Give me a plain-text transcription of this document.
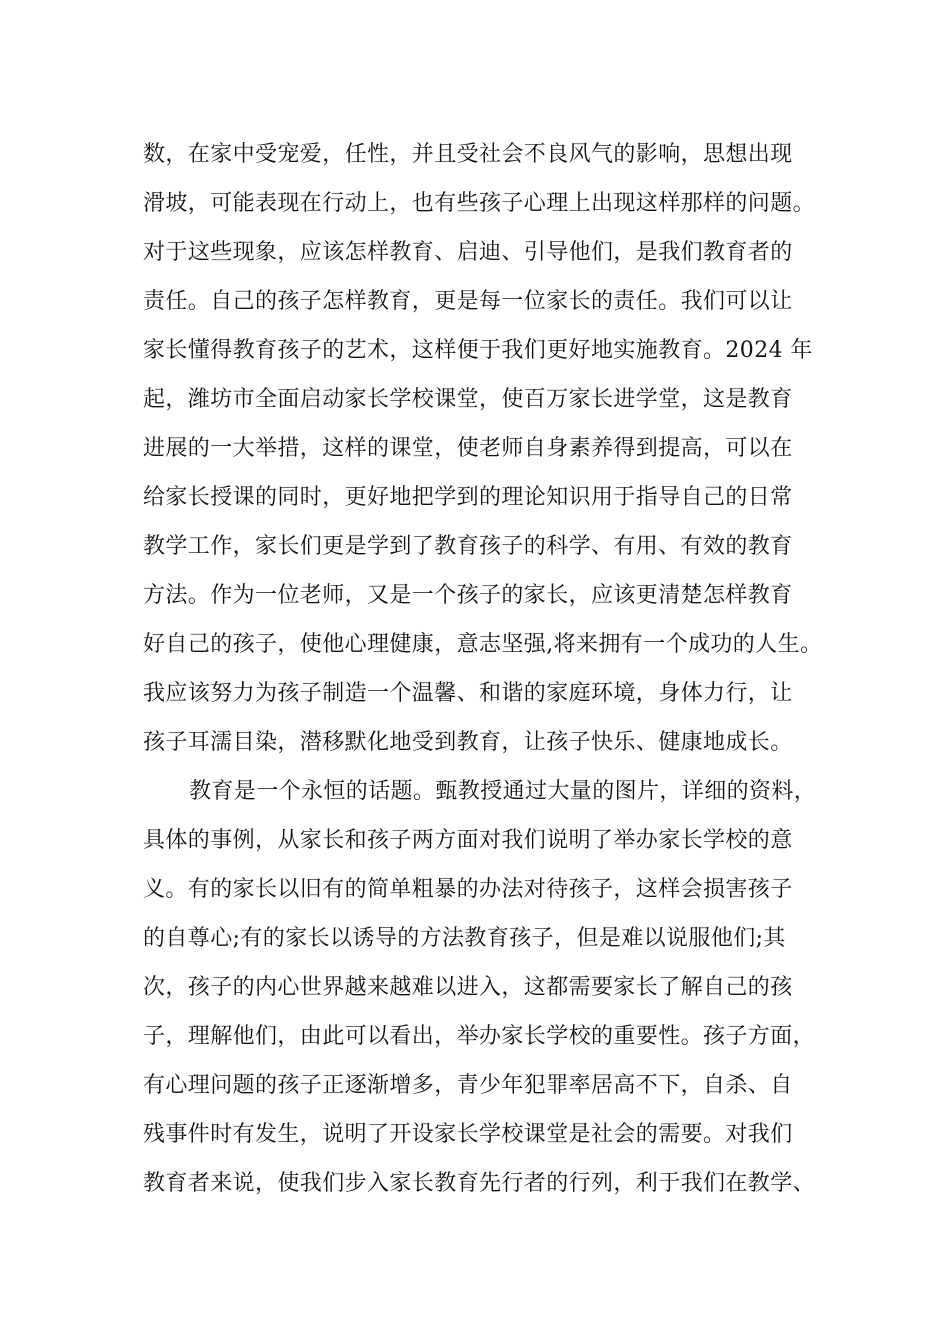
数，在家中受宠爱，任性，并且受社会不良风气的影响，思想出现
滑坡，可能表现在行动上，也有些孩子心理上出现这样那样的问题。
对于这些现象，应该怎样教育、启迪、引导他们，是我们教育者的
责任。自己的孩子怎样教育，更是每一位家长的责任。我们可以让
家长懂得教育孩子的艺术，这样便于我们更好地实施教育。2024 年
起，潍坊市全面启动家长学校课堂，使百万家长进学堂，这是教育
进展的一大举措，这样的课堂，使老师自身素养得到提高，可以在
给家长授课的同时，更好地把学到的理论知识用于指导自己的日常
教学工作，家长们更是学到了教育孩子的科学、有用、有效的教育
方法。作为一位老师，又是一个孩子的家长，应该更清楚怎样教育
好自己的孩子，使他心理健康，意志坚强,将来拥有一个成功的人生。
我应该努力为孩子制造一个温馨、和谐的家庭环境，身体力行，让
孩子耳濡目染，潜移默化地受到教育，让孩子快乐、健康地成长。
教育是一个永恒的话题。甄教授通过大量的图片，详细的资料，
具体的事例，从家长和孩子两方面对我们说明了举办家长学校的意
义。有的家长以旧有的简单粗暴的办法对待孩子，这样会损害孩子
的自尊心;有的家长以诱导的方法教育孩子，但是难以说服他们;其
次，孩子的内心世界越来越难以进入，这都需要家长了解自己的孩
子，理解他们，由此可以看出，举办家长学校的重要性。孩子方面，
有心理问题的孩子正逐渐增多，青少年犯罪率居高不下，自杀、自
残事件时有发生，说明了开设家长学校课堂是社会的需要。对我们
教育者来说，使我们步入家长教育先行者的行列，利于我们在教学、
